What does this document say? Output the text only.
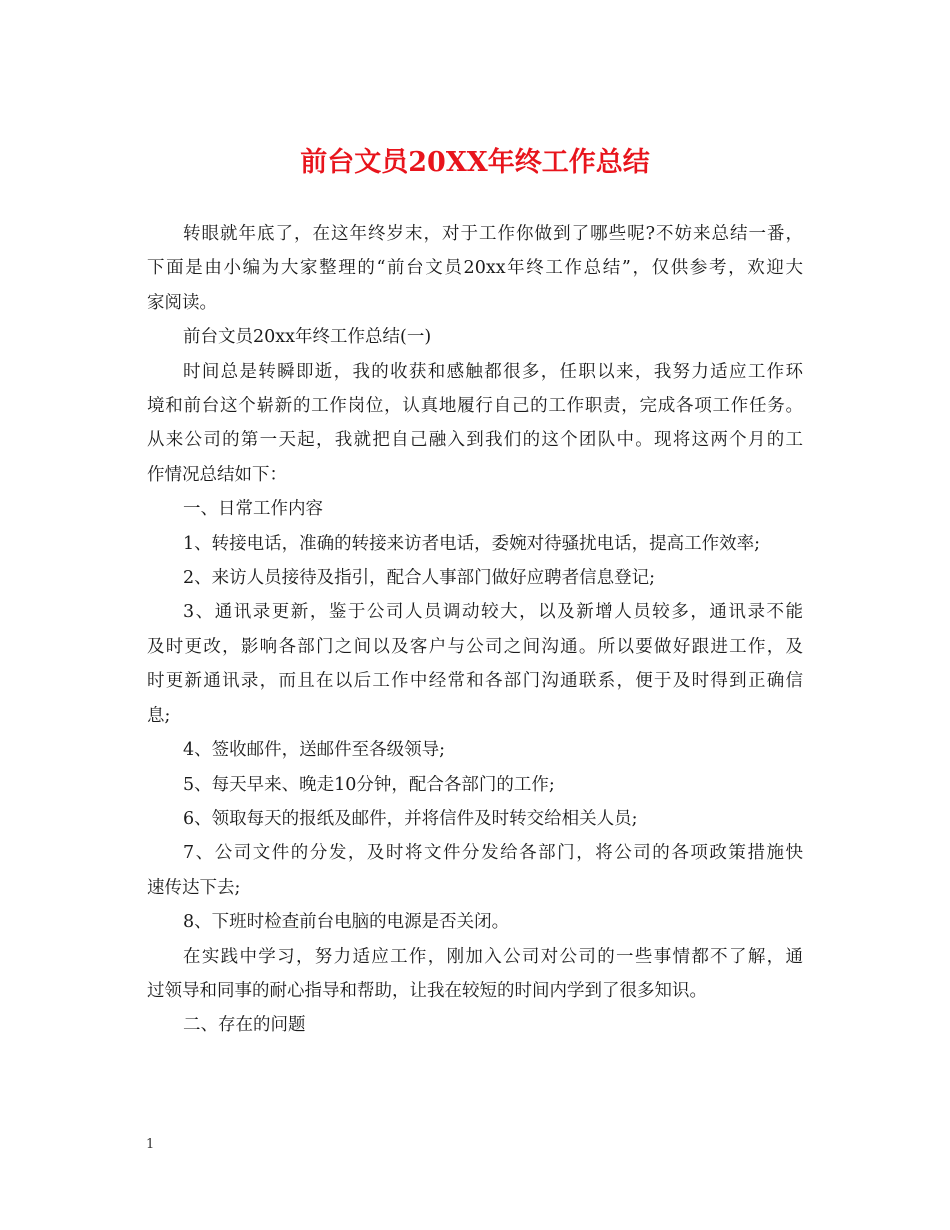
前台文员20XX年终工作总结
转眼就年底了，在这年终岁末，对于工作你做到了哪些呢?不妨来总结一番，
下面是由小编为大家整理的“前台文员20xx年终工作总结”，仅供参考，欢迎大
家阅读。
前台文员20xx年终工作总结(一)
时间总是转瞬即逝，我的收获和感触都很多，任职以来，我努力适应工作环
境和前台这个崭新的工作岗位，认真地履行自己的工作职责，完成各项工作任务。
从来公司的第一天起，我就把自己融入到我们的这个团队中。现将这两个月的工
作情况总结如下：
一、日常工作内容
1、转接电话，准确的转接来访者电话，委婉对待骚扰电话，提高工作效率;
2、来访人员接待及指引，配合人事部门做好应聘者信息登记;
3、通讯录更新，鉴于公司人员调动较大，以及新增人员较多，通讯录不能
及时更改，影响各部门之间以及客户与公司之间沟通。所以要做好跟进工作，及
时更新通讯录，而且在以后工作中经常和各部门沟通联系，便于及时得到正确信
息;
4、签收邮件，送邮件至各级领导;
5、每天早来、晚走10分钟，配合各部门的工作;
6、领取每天的报纸及邮件，并将信件及时转交给相关人员;
7、公司文件的分发，及时将文件分发给各部门，将公司的各项政策措施快
速传达下去;
8、下班时检查前台电脑的电源是否关闭。
在实践中学习，努力适应工作，刚加入公司对公司的一些事情都不了解，通
过领导和同事的耐心指导和帮助，让我在较短的时间内学到了很多知识。
二、存在的问题
1
